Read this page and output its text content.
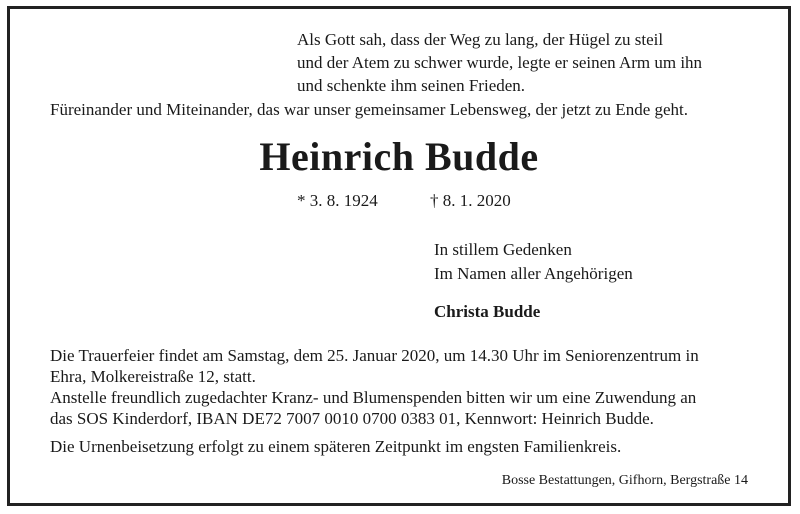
Als Gott sah, dass der Weg zu lang, der Hügel zu steil
und der Atem zu schwer wurde, legte er seinen Arm um ihn
und schenkte ihm seinen Frieden.
Füreinander und Miteinander, das war unser gemeinsamer Lebensweg, der jetzt zu Ende geht.
Heinrich Budde
* 3. 8. 1924	† 8. 1. 2020
In stillem Gedenken
Im Namen aller Angehörigen
Christa Budde
Die Trauerfeier findet am Samstag, dem 25. Januar 2020, um 14.30 Uhr im Seniorenzentrum in
Ehra, Molkereistraße 12, statt.
Anstelle freundlich zugedachter Kranz- und Blumenspenden bitten wir um eine Zuwendung an
das SOS Kinderdorf, IBAN DE72 7007 0010 0700 0383 01, Kennwort: Heinrich Budde.
Die Urnenbeisetzung erfolgt zu einem späteren Zeitpunkt im engsten Familienkreis.
Bosse Bestattungen, Gifhorn, Bergstraße 14
